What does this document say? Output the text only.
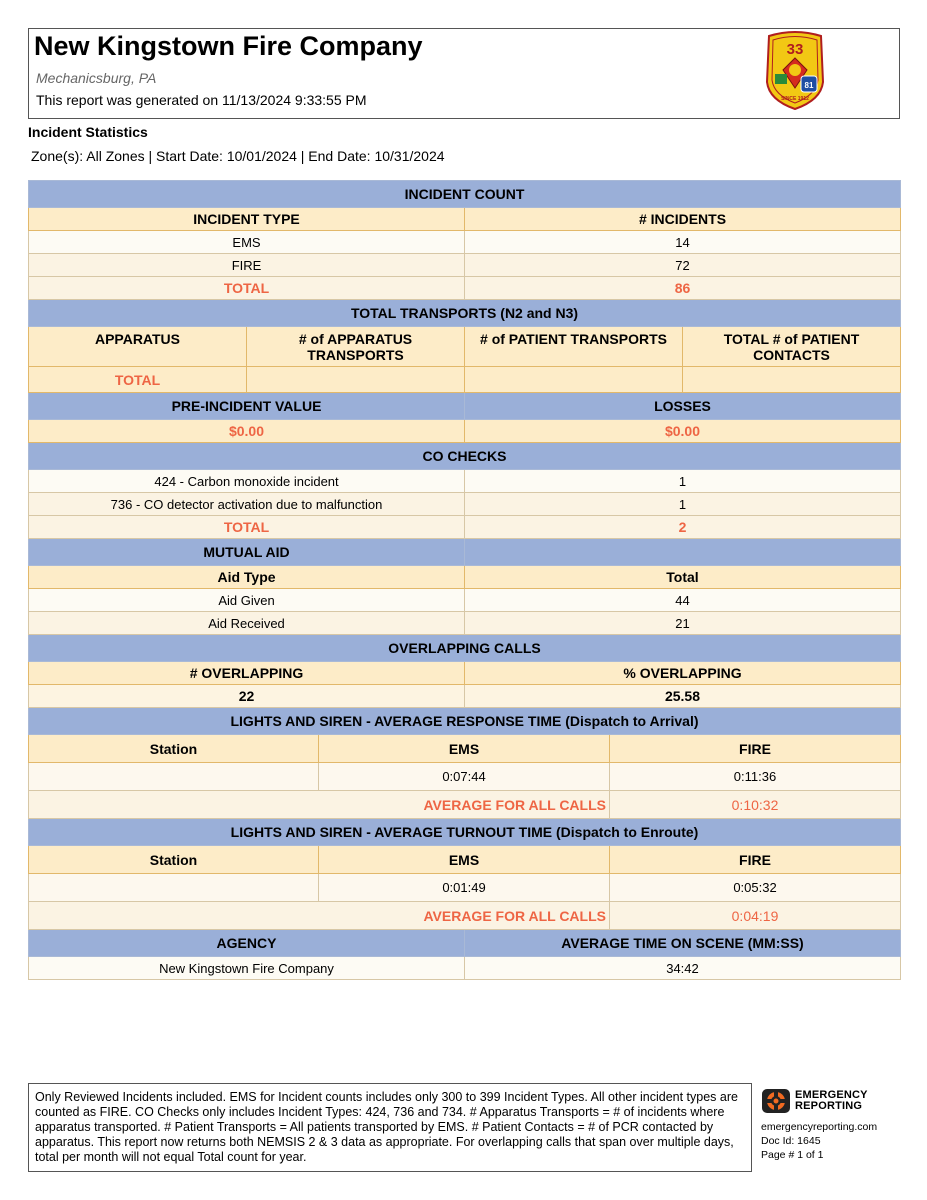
New Kingstown Fire Company
Mechanicsburg, PA
This report was generated on 11/13/2024 9:33:55 PM
33
81
SINCE 1912
Incident Statistics
Zone(s): All Zones | Start Date: 10/01/2024 | End Date: 10/31/2024
INCIDENT COUNT					
INCIDENT TYPE			# INCIDENTS		
EMS			14		
FIRE			72		
TOTAL			86		
TOTAL TRANSPORTS (N2 and N3)					
APPARATUS	# of APPARATUS TRANSPORTS		# of PATIENT TRANSPORTS		TOTAL # of PATIENT CONTACTS
TOTAL					
PRE-INCIDENT VALUE			LOSSES		
$0.00			$0.00		
CO CHECKS					
424 - Carbon monoxide incident			1		
736 - CO detector activation due to malfunction			1		
TOTAL			2		
MUTUAL AID					
Aid Type			Total		
Aid Given			44		
Aid Received			21		
OVERLAPPING CALLS					
# OVERLAPPING			% OVERLAPPING		
22			25.58		
LIGHTS AND SIREN - AVERAGE RESPONSE TIME (Dispatch to Arrival)					
Station		EMS		FIRE	
		0:07:44		0:11:36	
AVERAGE FOR ALL CALLS				0:10:32	
LIGHTS AND SIREN - AVERAGE TURNOUT TIME (Dispatch to Enroute)					
Station		EMS		FIRE	
		0:01:49		0:05:32	
AVERAGE FOR ALL CALLS				0:04:19	
AGENCY			AVERAGE TIME ON SCENE (MM:SS)		
New Kingstown Fire Company			34:42		
Only Reviewed Incidents included. EMS for Incident counts includes only 300 to 399 Incident Types. All other incident types are counted as FIRE. CO Checks only includes Incident Types: 424, 736 and 734. # Apparatus Transports = # of incidents where apparatus transported. # Patient Transports = All patients transported by EMS. # Patient Contacts = # of PCR contacted by apparatus. This report now returns both NEMSIS 2 & 3 data as appropriate. For overlapping calls that span over multiple days, total per month will not equal Total count for year.
EMERGENCY
REPORTING
emergencyreporting.com
Doc Id: 1645
Page # 1 of 1
